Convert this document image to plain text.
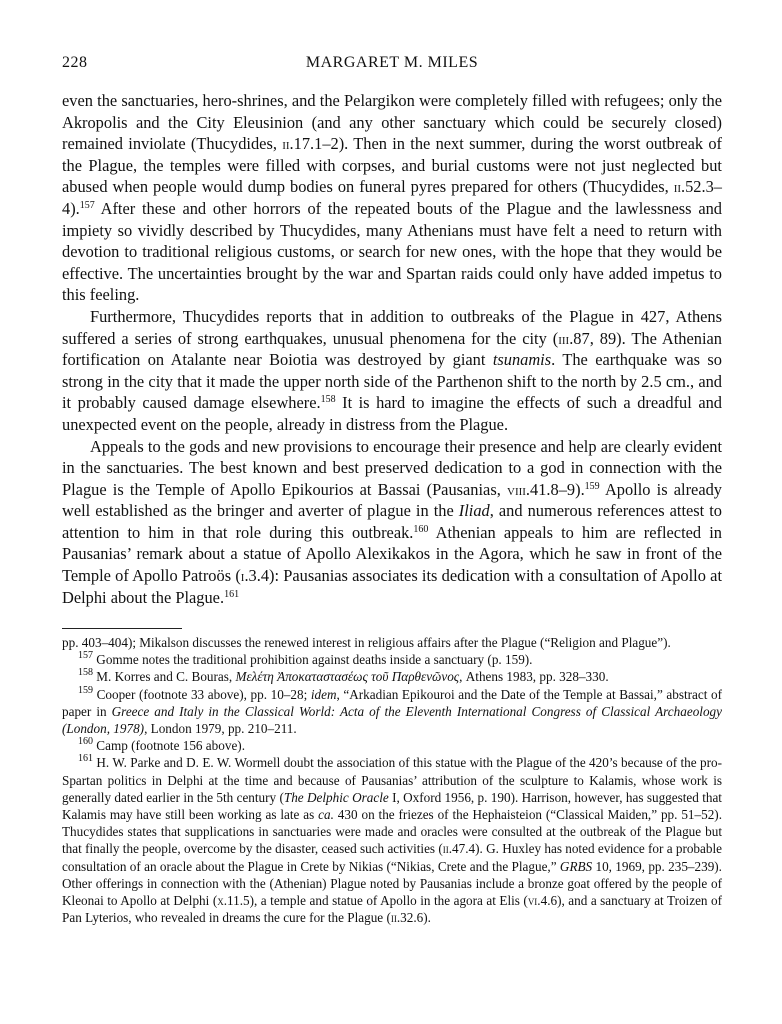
228	MARGARET M. MILES

even the sanctuaries, hero-shrines, and the Pelargikon were completely filled with refugees; only the Akropolis and the City Eleusinion (and any other sanctuary which could be securely closed) remained inviolate (Thucydides, ii.17.1–2). Then in the next summer, during the worst outbreak of the Plague, the temples were filled with corpses, and burial customs were not just neglected but abused when people would dump bodies on funeral pyres prepared for others (Thucydides, ii.52.3–4).$^{157}$ After these and other horrors of the repeated bouts of the Plague and the lawlessness and impiety so vividly described by Thucydides, many Athenians must have felt a need to return with devotion to traditional religious customs, or search for new ones, with the hope that they would be effective. The uncertainties brought by the war and Spartan raids could only have added impetus to this feeling.

Furthermore, Thucydides reports that in addition to outbreaks of the Plague in 427, Athens suffered a series of strong earthquakes, unusual phenomena for the city (iii.87, 89). The Athenian fortification on Atalante near Boiotia was destroyed by giant tsunamis. The earthquake was so strong in the city that it made the upper north side of the Parthenon shift to the north by 2.5 cm., and it probably caused damage elsewhere.$^{158}$ It is hard to imagine the effects of such a dreadful and unexpected event on the people, already in distress from the Plague.

Appeals to the gods and new provisions to encourage their presence and help are clearly evident in the sanctuaries. The best known and best preserved dedication to a god in connection with the Plague is the Temple of Apollo Epikourios at Bassai (Pausanias, viii.41.8–9).$^{159}$ Apollo is already well established as the bringer and averter of plague in the Iliad, and numerous references attest to attention to him in that role during this outbreak.$^{160}$ Athenian appeals to him are reflected in Pausanias’ remark about a statue of Apollo Alexikakos in the Agora, which he saw in front of the Temple of Apollo Patroös (i.3.4): Pausanias associates its dedication with a consultation of Apollo at Delphi about the Plague.$^{161}$

pp. 403–404); Mikalson discusses the renewed interest in religious affairs after the Plague (“Religion and Plague”).

$^{157}$ Gomme notes the traditional prohibition against deaths inside a sanctuary (p. 159).

$^{158}$ M. Korres and C. Bouras, Μελέτη Ἀποκαταστασέως τοῦ Παρθενῶνος, Athens 1983, pp. 328–330.

$^{159}$ Cooper (footnote 33 above), pp. 10–28; idem, “Arkadian Epikouroi and the Date of the Temple at Bassai,” abstract of paper in Greece and Italy in the Classical World: Acta of the Eleventh International Congress of Classical Archaeology (London, 1978), London 1979, pp. 210–211.

$^{160}$ Camp (footnote 156 above).

$^{161}$ H. W. Parke and D. E. W. Wormell doubt the association of this statue with the Plague of the 420’s because of the pro-Spartan politics in Delphi at the time and because of Pausanias’ attribution of the sculpture to Kalamis, whose work is generally dated earlier in the 5th century (The Delphic Oracle I, Oxford 1956, p. 190). Harrison, however, has suggested that Kalamis may have still been working as late as ca. 430 on the friezes of the Hephaisteion (“Classical Maiden,” pp. 51–52). Thucydides states that supplications in sanctuaries were made and oracles were consulted at the outbreak of the Plague but that finally the people, overcome by the disaster, ceased such activities (ii.47.4). G. Huxley has noted evidence for a probable consultation of an oracle about the Plague in Crete by Nikias (“Nikias, Crete and the Plague,” GRBS 10, 1969, pp. 235–239). Other offerings in connection with the (Athenian) Plague noted by Pausanias include a bronze goat offered by the people of Kleonai to Apollo at Delphi (x.11.5), a temple and statue of Apollo in the agora at Elis (vi.4.6), and a sanctuary at Troizen of Pan Lyterios, who revealed in dreams the cure for the Plague (ii.32.6).
